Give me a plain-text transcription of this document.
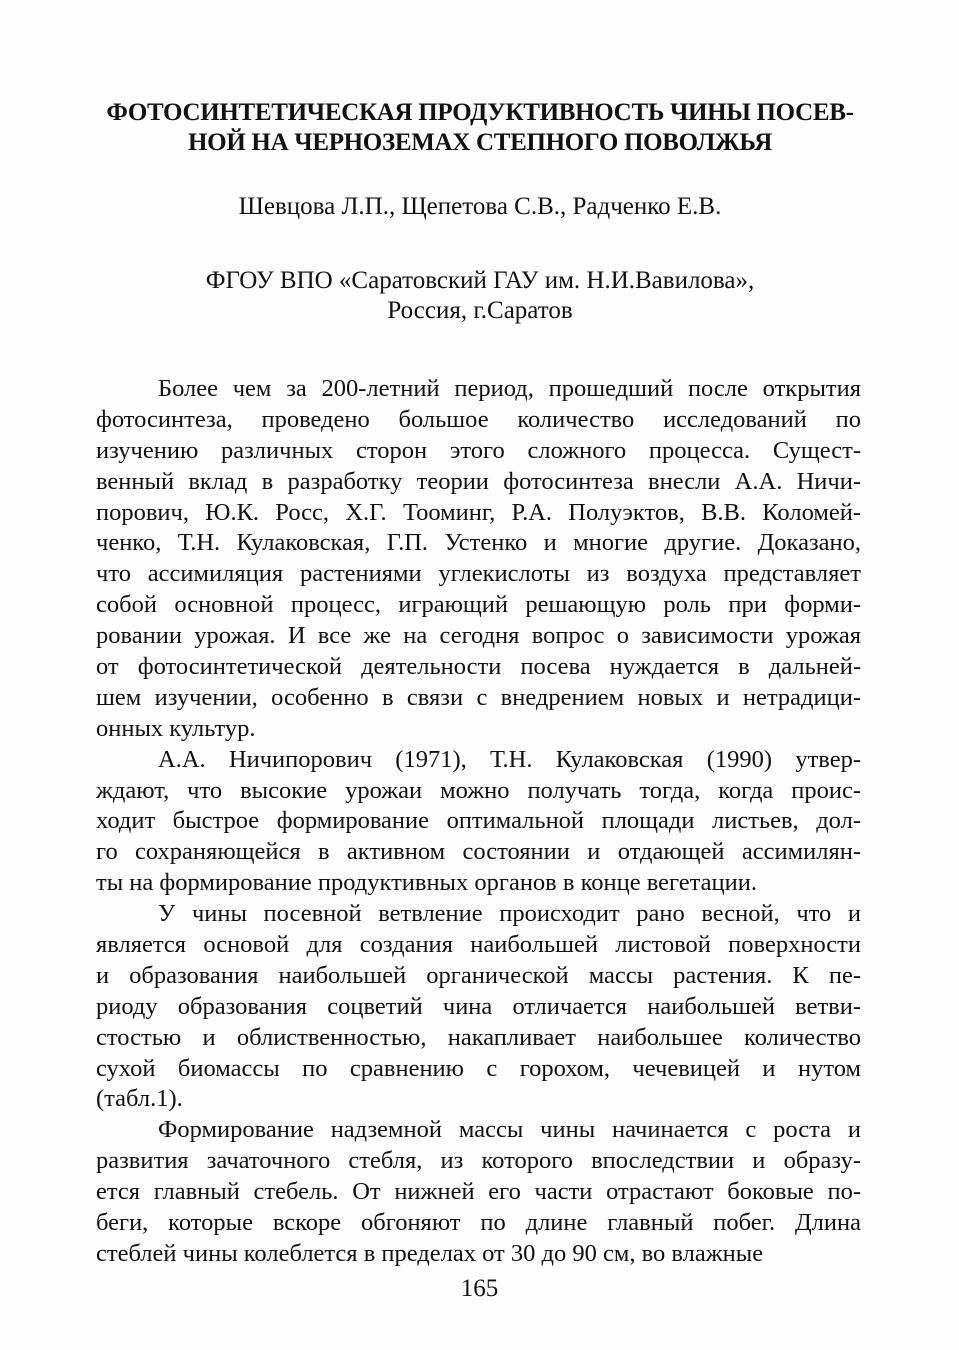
ФОТОСИНТЕТИЧЕСКАЯ ПРОДУКТИВНОСТЬ ЧИНЫ ПОСЕВ-
НОЙ НА ЧЕРНОЗЕМАХ СТЕПНОГО ПОВОЛЖЬЯ
Шевцова Л.П., Щепетова С.В., Радченко Е.В.
ФГОУ ВПО «Саратовский ГАУ им. Н.И.Вавилова»,
Россия, г.Саратов
Более чем за 200-летний период, прошедший после открытия
фотосинтеза, проведено большое количество исследований по
изучению различных сторон этого сложного процесса. Сущест-
венный вклад в разработку теории фотосинтеза внесли А.А. Ничи-
порович, Ю.К. Росс, Х.Г. Тооминг, Р.А. Полуэктов, В.В. Коломей-
ченко, Т.Н. Кулаковская, Г.П. Устенко и многие другие. Доказано,
что ассимиляция растениями углекислоты из воздуха представляет
собой основной процесс, играющий решающую роль при форми-
ровании урожая. И все же на сегодня вопрос о зависимости урожая
от фотосинтетической деятельности посева нуждается в дальней-
шем изучении, особенно в связи с внедрением новых и нетрадици-
онных культур.
А.А. Ничипорович (1971), Т.Н. Кулаковская (1990) утвер-
ждают, что высокие урожаи можно получать тогда, когда проис-
ходит быстрое формирование оптимальной площади листьев, дол-
го сохраняющейся в активном состоянии и отдающей ассимилян-
ты на формирование продуктивных органов в конце вегетации.
У чины посевной ветвление происходит рано весной, что и
является основой для создания наибольшей листовой поверхности
и образования наибольшей органической массы растения. К пе-
риоду образования соцветий чина отличается наибольшей ветви-
стостью и облиственностью, накапливает наибольшее количество
сухой биомассы по сравнению с горохом, чечевицей и нутом
(табл.1).
Формирование надземной массы чины начинается с роста и
развития зачаточного стебля, из которого впоследствии и образу-
ется главный стебель. От нижней его части отрастают боковые по-
беги, которые вскоре обгоняют по длине главный побег. Длина
стеблей чины колеблется в пределах от 30 до 90 см, во влажные
165
